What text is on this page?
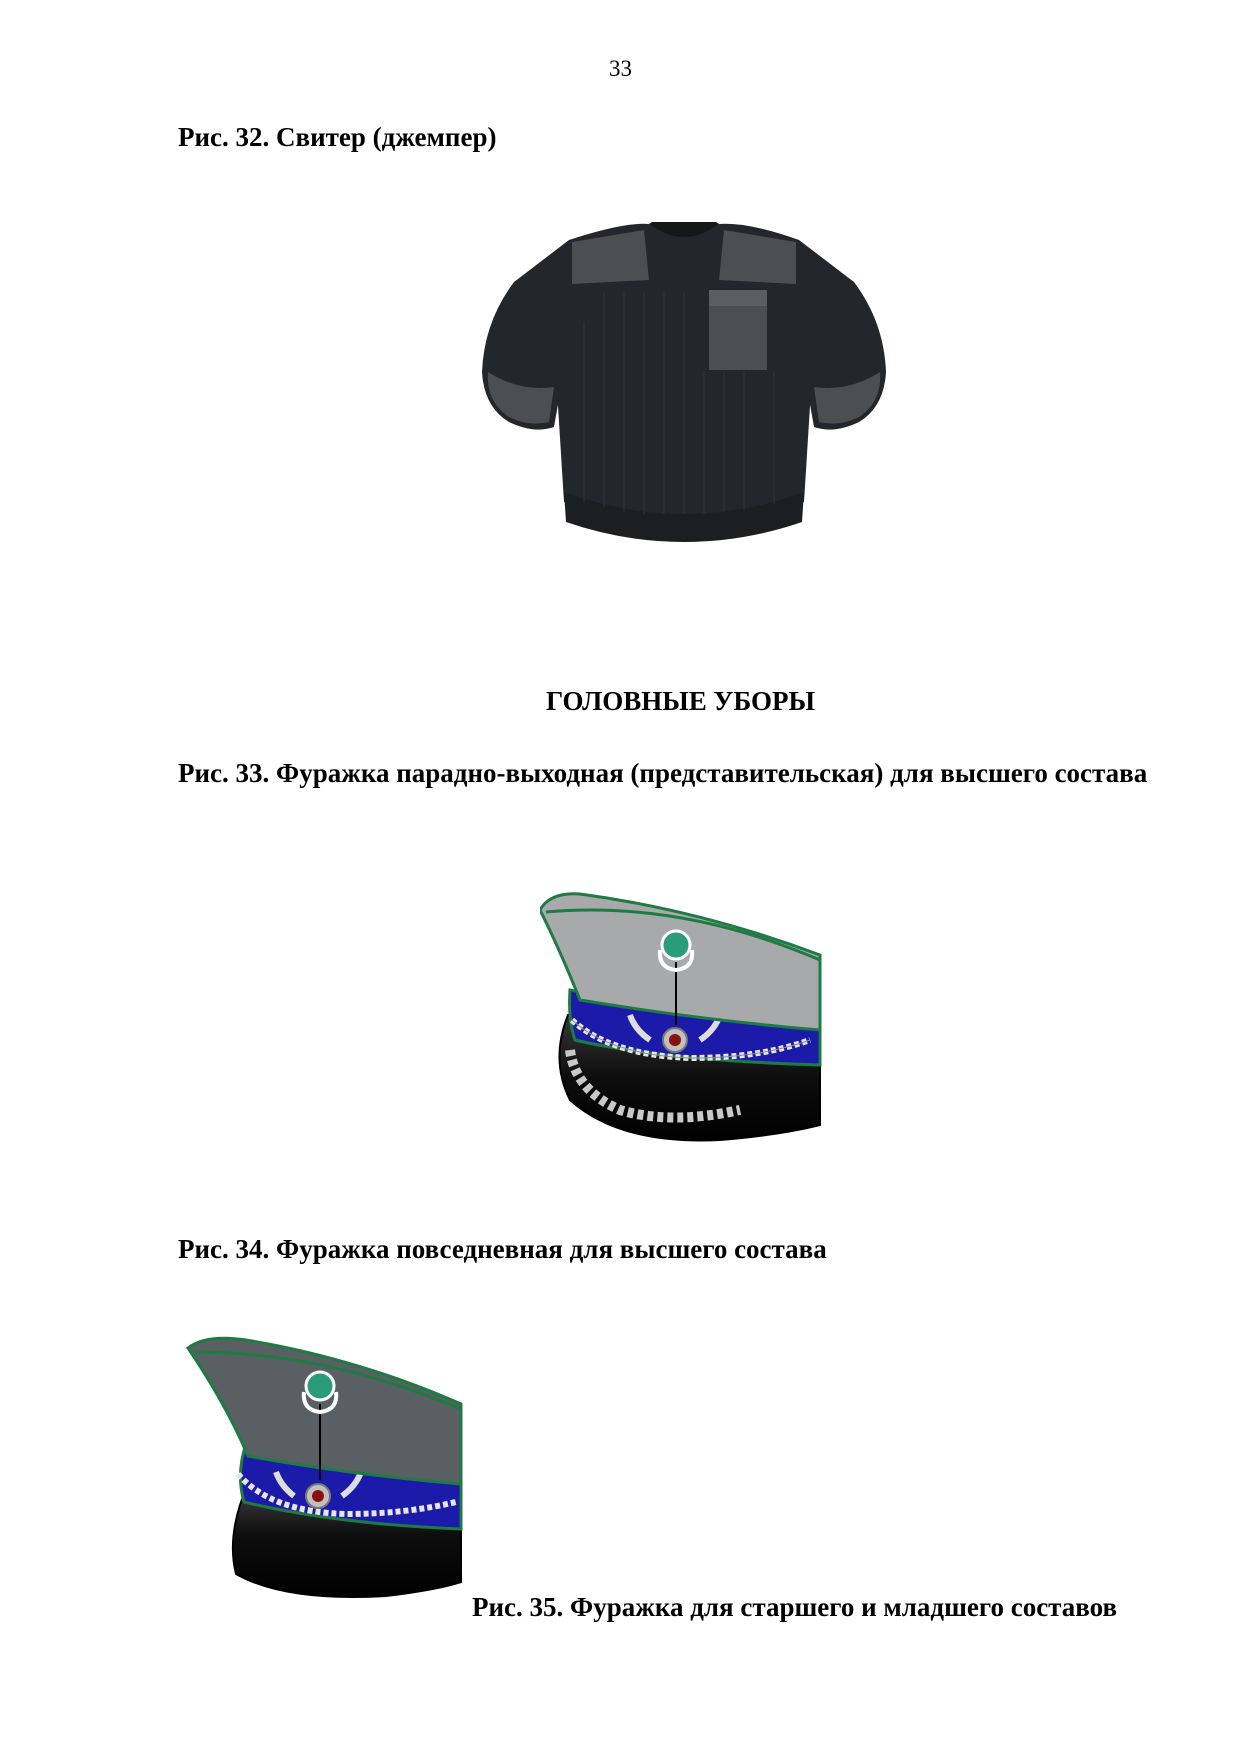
33
Рис. 32. Свитер (джемпер)
ГОЛОВНЫЕ УБОРЫ
Рис. 33. Фуражка парадно-выходная (представительская) для высшего состава
Рис. 34. Фуражка повседневная для высшего состава
Рис. 35. Фуражка для старшего и младшего составов
